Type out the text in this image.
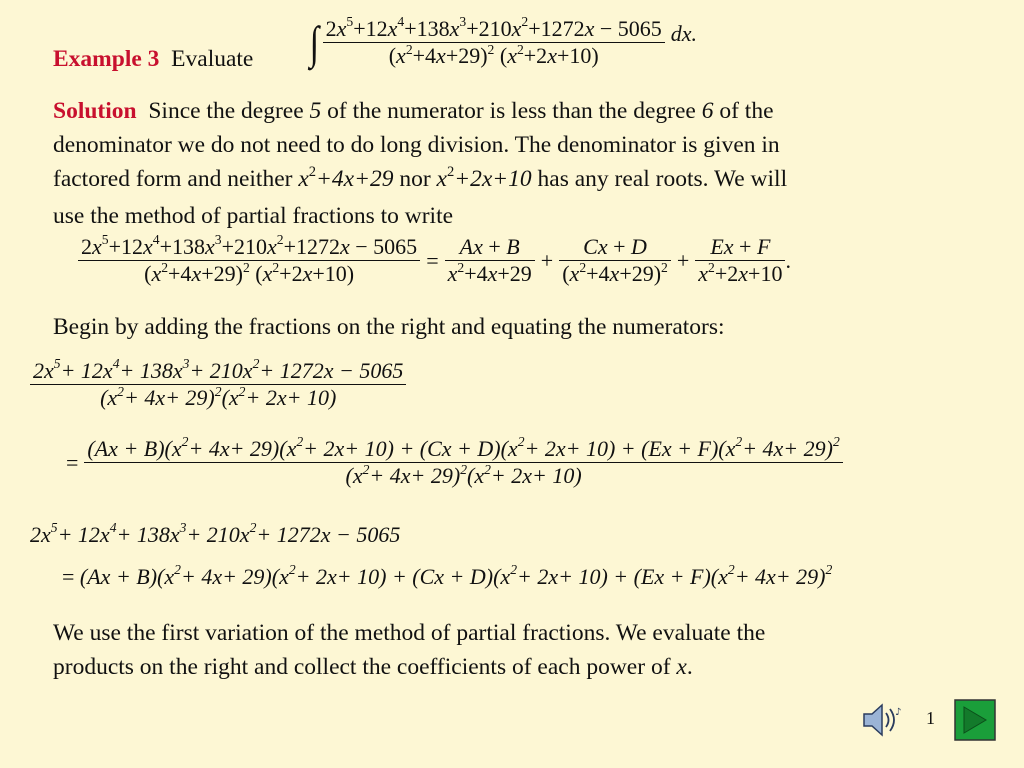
Example 3 Evaluate ∫ $\frac{2x^5+12x^4+138x^3+210x^2+1272x - 5065}{(x^2+4x+29)^2 (x^2+2x+10)}$ dx.
Solution Since the degree 5 of the numerator is less than the degree 6 of the
denominator we do not need to do long division. The denominator is given in
factored form and neither $x^2+4x+29$ nor $x^2+2x+10$ has any real roots. We will
use the method of partial fractions to write
$\frac{2x^5+12x^4+138x^3+210x^2+1272x - 5065}{(x^2+4x+29)^2 (x^2+2x+10)} = \frac{Ax + B}{x^2+4x+29} + \frac{Cx + D}{(x^2+4x+29)^2} + \frac{Ex + F}{x^2+2x+10}$ .
Begin by adding the fractions on the right and equating the numerators:
$\frac{2x^5+ 12x^4+ 138x^3+ 210x^2+ 1272x - 5065}{(x^2+ 4x+ 29)^2(x^2+ 2x+ 10)}$
=
$(Ax + B)(x^2+ 4x+ 29)(x^2+ 2x+ 10) + (Cx + D)(x^2+ 2x+ 10) + (Ex + F)(x^2+ 4x+ 29)^2$
$(x^2+ 4x+ 29)^2(x^2+ 2x+ 10)$
$2x^5+ 12x^4+ 138x^3+ 210x^2+ 1272x - 5065$
= $(Ax + B)(x^2+ 4x+ 29)(x^2+ 2x+ 10) + (Cx + D)(x^2+ 2x+ 10) + (Ex + F)(x^2+ 4x+ 29)^2$
We use the first variation of the method of partial fractions. We evaluate the
products on the right and collect the coefficients of each power of x.
♪ 1
